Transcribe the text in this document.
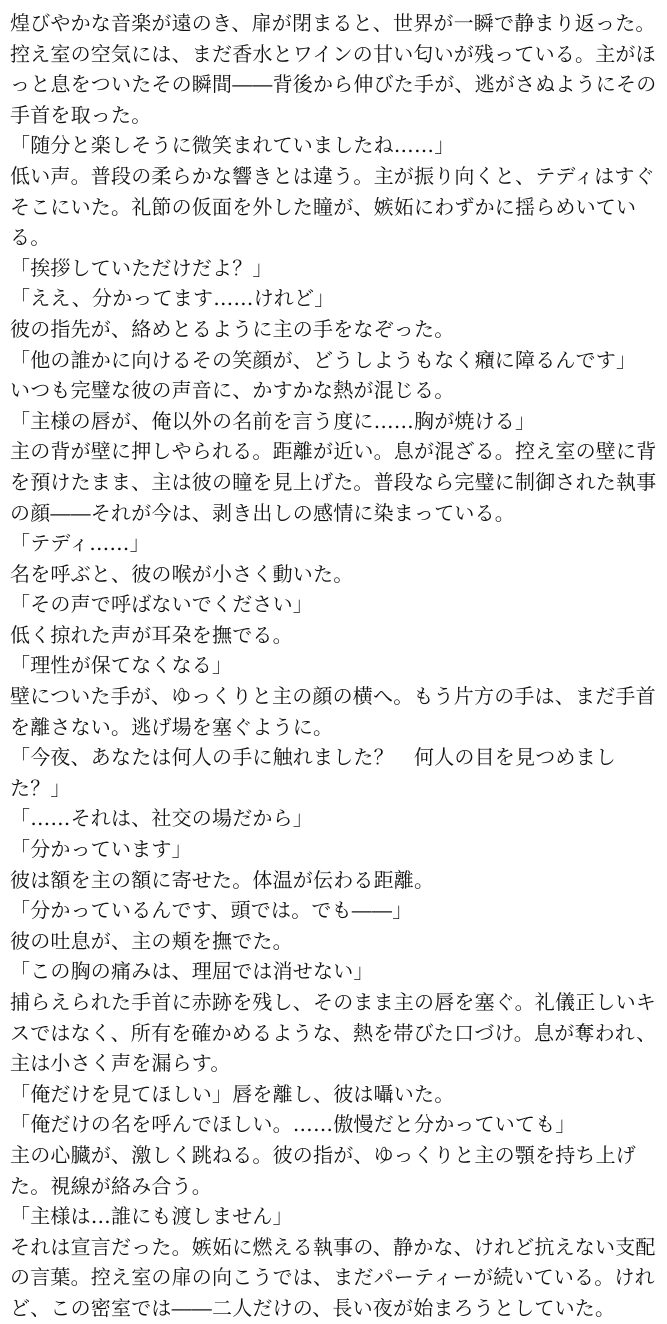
煌びやかな音楽が遠のき、扉が閉まると、世界が一瞬で静まり返った。控え室の空気には、まだ香水とワインの甘い匂いが残っている。主がほっと息をついたその瞬間――背後から伸びた手が、逃がさぬようにその手首を取った。

「随分と楽しそうに微笑まれていましたね……」

低い声。普段の柔らかな響きとは違う。主が振り向くと、テディはすぐそこにいた。礼節の仮面を外した瞳が、嫉妬にわずかに揺らめいている。

「挨拶していただけだよ？」

「ええ、分かってます……けれど」

彼の指先が、絡めとるように主の手をなぞった。

「他の誰かに向けるその笑顔が、どうしようもなく癪に障るんです」

いつも完璧な彼の声音に、かすかな熱が混じる。

「主様の唇が、俺以外の名前を言う度に……胸が焼ける」

主の背が壁に押しやられる。距離が近い。息が混ざる。控え室の壁に背を預けたまま、主は彼の瞳を見上げた。普段なら完璧に制御された執事の顔――それが今は、剥き出しの感情に染まっている。

「テディ……」

名を呼ぶと、彼の喉が小さく動いた。

「その声で呼ばないでください」

低く掠れた声が耳朶を撫でる。

「理性が保てなくなる」

壁についた手が、ゆっくりと主の顔の横へ。もう片方の手は、まだ手首を離さない。逃げ場を塞ぐように。

「今夜、あなたは何人の手に触れました？　何人の目を見つめました？」

「……それは、社交の場だから」

「分かっています」

彼は額を主の額に寄せた。体温が伝わる距離。

「分かっているんです、頭では。でも――」

彼の吐息が、主の頬を撫でた。

「この胸の痛みは、理屈では消せない」

捕らえられた手首に赤跡を残し、そのまま主の唇を塞ぐ。礼儀正しいキスではなく、所有を確かめるような、熱を帯びた口づけ。息が奪われ、主は小さく声を漏らす。

「俺だけを見てほしい」唇を離し、彼は囁いた。

「俺だけの名を呼んでほしい。……傲慢だと分かっていても」

主の心臓が、激しく跳ねる。彼の指が、ゆっくりと主の顎を持ち上げた。視線が絡み合う。

「主様は…誰にも渡しません」

それは宣言だった。嫉妬に燃える執事の、静かな、けれど抗えない支配の言葉。控え室の扉の向こうでは、まだパーティーが続いている。けれど、この密室では――二人だけの、長い夜が始まろうとしていた。
